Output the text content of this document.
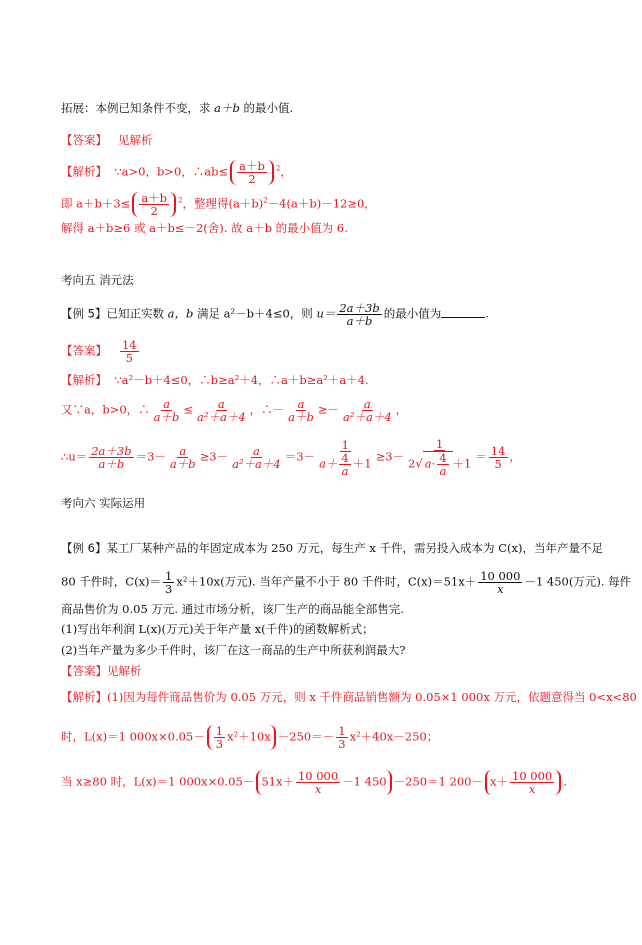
拓展：本例已知条件不变，求 a＋b 的最小值.
【答案】 见解析
【解析】 ∵a>0，b>0，∴ab≤ $\frac{a+b}{2} ^2$，
即 $a+b+3\le \frac{a+b}{2} ^2$，整理得$(a+b)^2-4(a+b)-12\ge 0$，
解得 a＋b≥6 或 a＋b≤－2(舍). 故 a＋b 的最小值为 6.
考向五 消元法
【例 5】已知正实数 a，b 满足 a²－b＋4≤0，则 $u= \frac{2a+3b}{a+b}$ 的最小值为	.
【答案】 $\frac{14}{5}$
【解析】 ∵a²－b＋4≤0，∴b≥a²＋4，∴a＋b≥a²＋a＋4.
又∵a，b>0，∴ $\frac{a}{a+b} \le \frac{a}{\text{a²＋a＋4}}$ ，∴－ $\frac{a}{a+b} \ge- \frac{a}{\text{a²＋a＋4}}$ ，
∴u＝ $\frac{2a+3b}{a+b} =3- \frac{a}{a+b} \ge 3- \frac{a}{\text{a²＋a＋4}} =3- \frac{1}{a+ \frac{4}{a} +1} \ge 3- \frac{1}{2√ a\cdot \frac{4}{a} +1} = \frac{14}{5}$ ，
考向六 实际运用
【例 6】某工厂某种产品的年固定成本为 250 万元，每生产 x 千件，需另投入成本为 C(x)，当年产量不足
80 千件时，$C(x)= \frac{1}{3} x^2+10x$(万元). 当年产量不小于 80 千件时，$C(x)=51x+ \frac{10 000}{x} -1$ 450(万元). 每件
商品售价为 0.05 万元. 通过市场分析，该厂生产的商品能全部售完.
(1)写出年利润 L(x)(万元)关于年产量 x(千件)的函数解析式；
(2)当年产量为多少千件时，该厂在这一商品的生产中所获利润最大?
【答案】见解析
【解析】(1)因为每件商品售价为 0.05 万元，则 x 千件商品销售额为 0.05×1 000x 万元，依题意得当 0<x<80
时，L(x)＝1 $000x\times 0.05- \frac{1}{3} x^2+10x -250=- \frac{1}{3} x^2+40x-250$；
当 x≥80 时，L(x)＝1 $000x\times 0.05- 51x+ \frac{10 000}{x} -1$ 450 －250＝1 $200- x+ \frac{10 000}{x}$ .
